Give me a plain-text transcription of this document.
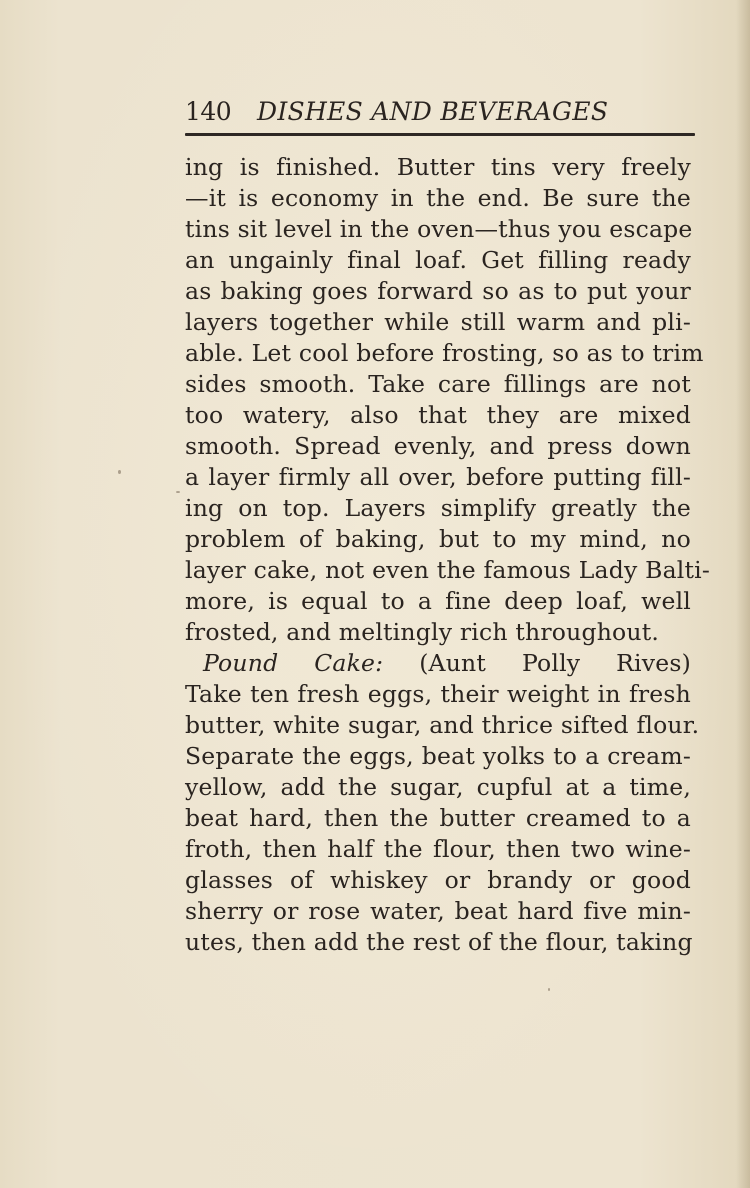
140 DISHES AND BEVERAGES
ing is finished. Butter tins very freely
—it is economy in the end. Be sure the
tins sit level in the oven—thus you escape
an ungainly final loaf. Get filling ready
as baking goes forward so as to put your
layers together while still warm and pli-
able. Let cool before frosting, so as to trim
sides smooth. Take care fillings are not
too watery, also that they are mixed
smooth. Spread evenly, and press down
a layer firmly all over, before putting fill-
ing on top. Layers simplify greatly the
problem of baking, but to my mind, no
layer cake, not even the famous Lady Balti-
more, is equal to a fine deep loaf, well
frosted, and meltingly rich throughout.
Pound Cake: (Aunt Polly Rives)
Take ten fresh eggs, their weight in fresh
butter, white sugar, and thrice sifted flour.
Separate the eggs, beat yolks to a cream-
yellow, add the sugar, cupful at a time,
beat hard, then the butter creamed to a
froth, then half the flour, then two wine-
glasses of whiskey or brandy or good
sherry or rose water, beat hard five min-
utes, then add the rest of the flour, taking
